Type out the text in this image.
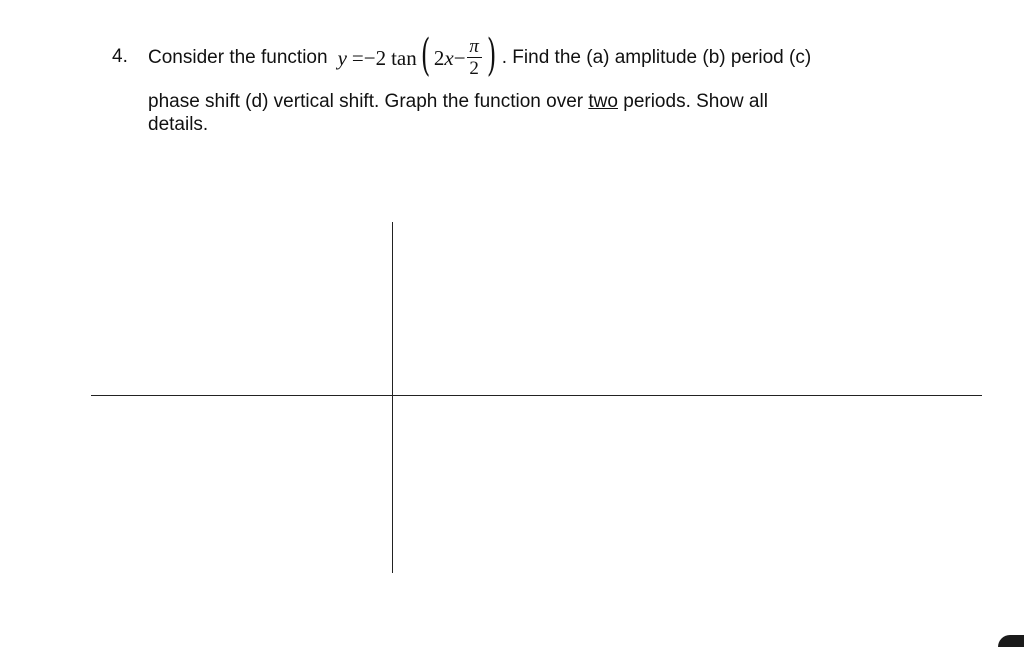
4. Consider the function y = −2 tan ( 2 $x - \frac{\pi}{2}$ ) . Find the (a) amplitude (b) period (c)
phase shift (d) vertical shift. Graph the function over two periods. Show all
details.
